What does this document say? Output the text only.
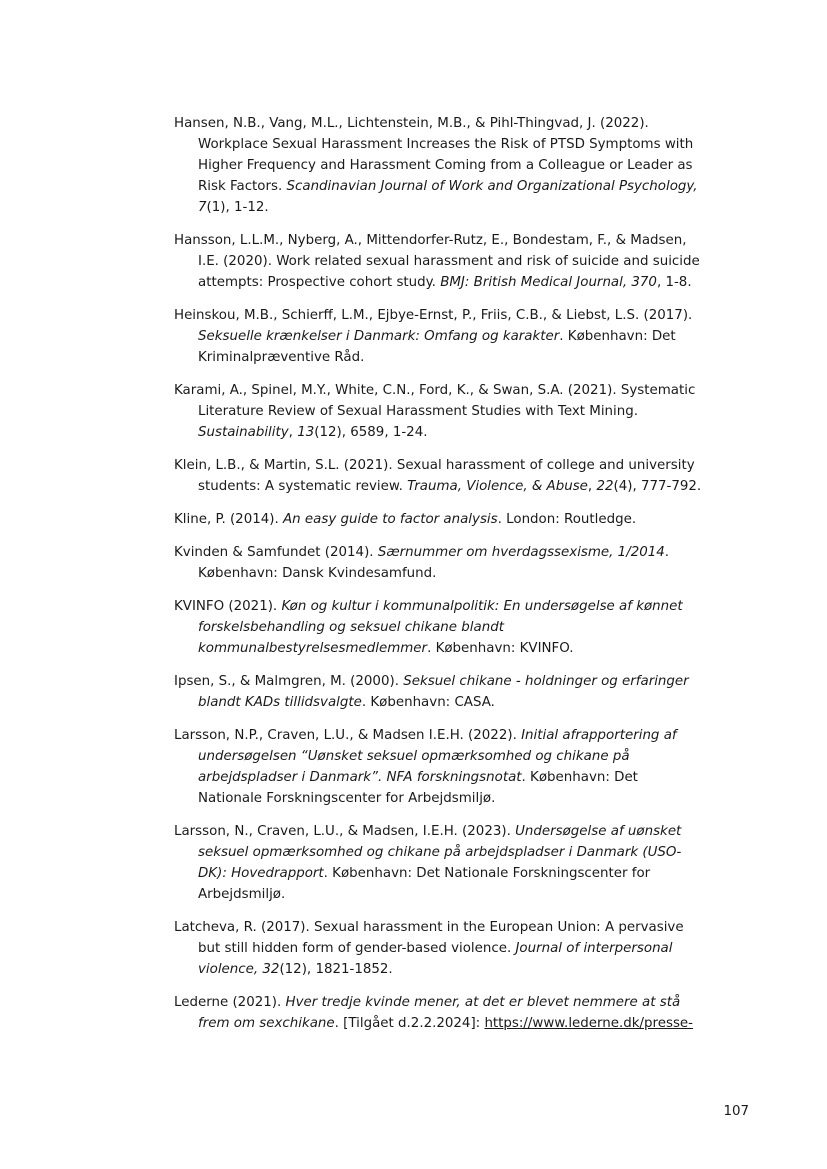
Hansen, N.B., Vang, M.L., Lichtenstein, M.B., & Pihl-Thingvad, J. (2022). Workplace Sexual Harassment Increases the Risk of PTSD Symptoms with Higher Frequency and Harassment Coming from a Colleague or Leader as Risk Factors. Scandinavian Journal of Work and Organizational Psychology, 7(1), 1-12.

Hansson, L.L.M., Nyberg, A., Mittendorfer-Rutz, E., Bondestam, F., & Madsen, I.E. (2020). Work related sexual harassment and risk of suicide and suicide attempts: Prospective cohort study. BMJ: British Medical Journal, 370, 1-8.

Heinskou, M.B., Schierff, L.M., Ejbye-Ernst, P., Friis, C.B., & Liebst, L.S. (2017). Seksuelle krænkelser i Danmark: Omfang og karakter. København: Det Kriminalpræventive Råd.

Karami, A., Spinel, M.Y., White, C.N., Ford, K., & Swan, S.A. (2021). Systematic Literature Review of Sexual Harassment Studies with Text Mining. Sustainability, 13(12), 6589, 1-24.

Klein, L.B., & Martin, S.L. (2021). Sexual harassment of college and university students: A systematic review. Trauma, Violence, & Abuse, 22(4), 777-792.

Kline, P. (2014). An easy guide to factor analysis. London: Routledge.

Kvinden & Samfundet (2014). Særnummer om hverdagssexisme, 1/2014. København: Dansk Kvindesamfund.

KVINFO (2021). Køn og kultur i kommunalpolitik: En undersøgelse af kønnet forskelsbehandling og seksuel chikane blandt kommunalbestyrelsesmedlemmer. København: KVINFO.

Ipsen, S., & Malmgren, M. (2000). Seksuel chikane - holdninger og erfaringer blandt KADs tillidsvalgte. København: CASA.

Larsson, N.P., Craven, L.U., & Madsen I.E.H. (2022). Initial afrapportering af undersøgelsen “Uønsket seksuel opmærksomhed og chikane på arbejdspladser i Danmark”. NFA forskningsnotat. København: Det Nationale Forskningscenter for Arbejdsmiljø.

Larsson, N., Craven, L.U., & Madsen, I.E.H. (2023). Undersøgelse af uønsket seksuel opmærksomhed og chikane på arbejdspladser i Danmark (USO-DK): Hovedrapport. København: Det Nationale Forskningscenter for Arbejdsmiljø.

Latcheva, R. (2017). Sexual harassment in the European Union: A pervasive but still hidden form of gender-based violence. Journal of interpersonal violence, 32(12), 1821-1852.

Lederne (2021). Hver tredje kvinde mener, at det er blevet nemmere at stå frem om sexchikane. [Tilgået d.2.2.2024]: https://www.lederne.dk/presse-

107
